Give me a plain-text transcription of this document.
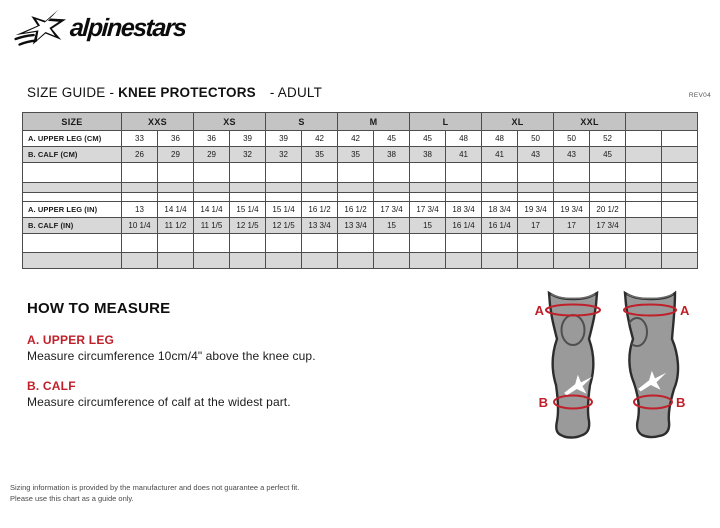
alpinestars
SIZE GUIDE - KNEE PROTECTORS - ADULT	REV04
SIZE	XXS		XS		S		M		L		XL		XXL			
A. UPPER LEG (CM)	33	36	36	39	39	42	42	45	45	48	48	50	50	52		
B. CALF (CM)	26	29	29	32	32	35	35	38	38	41	41	43	43	45		

A. UPPER LEG (IN)	13	14 1/4	14 1/4	15 1/4	15 1/4	16 1/2	16 1/2	17 3/4	17 3/4	18 3/4	18 3/4	19 3/4	19 3/4	20 1/2		
B. CALF (IN)	10 1/4	11 1/2	11 1/5	12 1/5	12 1/5	13 3/4	13 3/4	15	15	16 1/4	16 1/4	17	17	17 3/4		

HOW TO MEASURE
A. UPPER LEG
Measure circumference 10cm/4" above the knee cup.
B. CALF
Measure circumference of calf at the widest part.
A
B
A
B
Sizing information is provided by the manufacturer and does not guarantee a perfect fit.
Please use this chart as a guide only.
